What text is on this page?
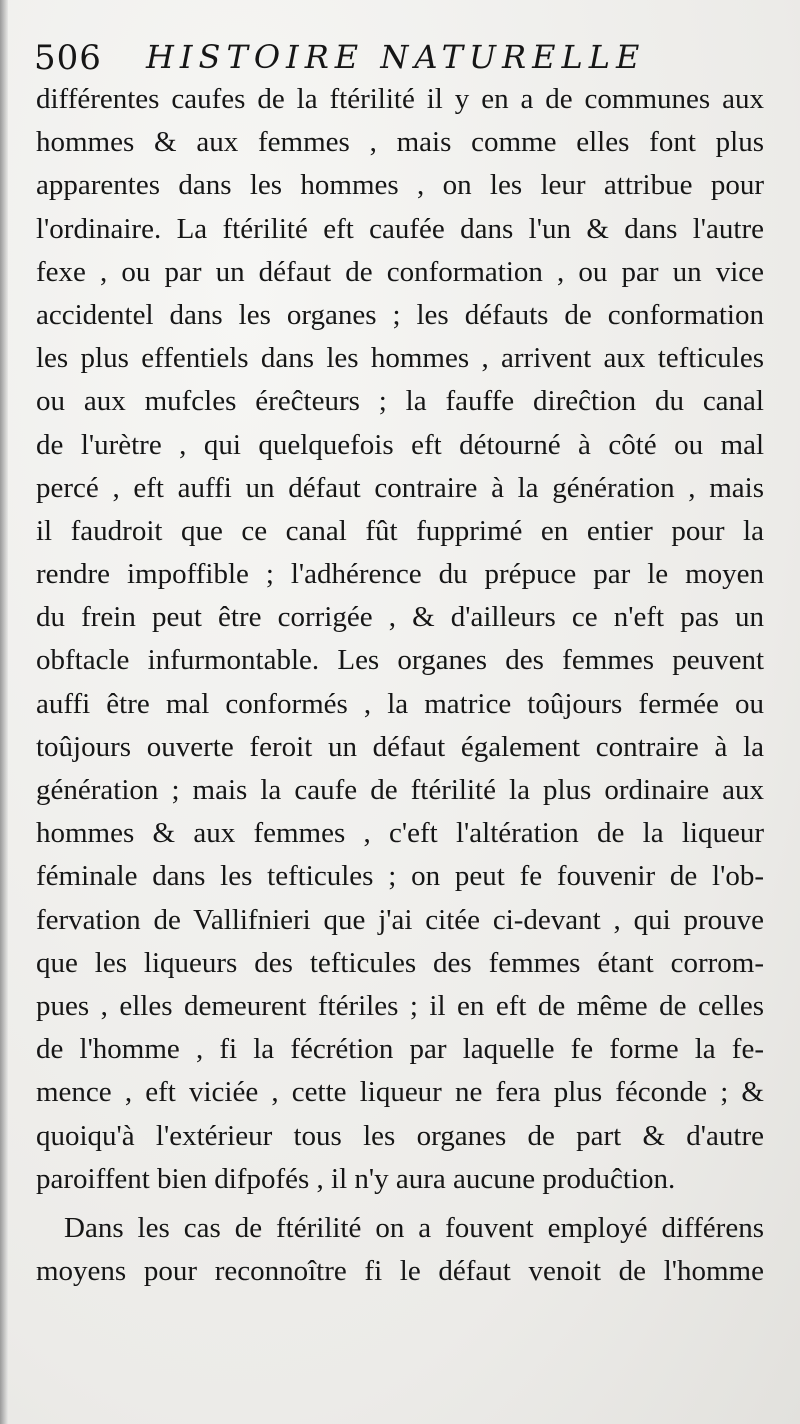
506 HISTOIRE NATURELLE
différentes caufes de la ftérilité il y en a de communes aux
hommes & aux femmes , mais comme elles font plus
apparentes dans les hommes , on les leur attribue pour
l'ordinaire. La ftérilité eft caufée dans l'un & dans l'autre
fexe , ou par un défaut de conformation , ou par un vice
accidentel dans les organes ; les défauts de conformation
les plus effentiels dans les hommes , arrivent aux tefticules
ou aux mufcles éreĉteurs ; la fauffe direĉtion du canal
de l'urètre , qui quelquefois eft détourné à côté ou mal
percé , eft auffi un défaut contraire à la génération , mais
il faudroit que ce canal fût fupprimé en entier pour la
rendre impoffible ; l'adhérence du prépuce par le moyen
du frein peut être corrigée , & d'ailleurs ce n'eft pas un
obftacle infurmontable. Les organes des femmes peuvent
auffi être mal conformés , la matrice toûjours fermée ou
toûjours ouverte feroit un défaut également contraire à la
génération ; mais la caufe de ftérilité la plus ordinaire aux
hommes & aux femmes , c'eft l'altération de la liqueur
féminale dans les tefticules ; on peut fe fouvenir de l'ob-
fervation de Vallifnieri que j'ai citée ci-devant , qui prouve
que les liqueurs des tefticules des femmes étant corrom-
pues , elles demeurent ftériles ; il en eft de même de celles
de l'homme , fi la fécrétion par laquelle fe forme la fe-
mence , eft viciée , cette liqueur ne fera plus féconde ; &
quoiqu'à l'extérieur tous les organes de part & d'autre
paroiffent bien difpofés , il n'y aura aucune produĉtion.
Dans les cas de ftérilité on a fouvent employé différens
moyens pour reconnoître fi le défaut venoit de l'homme
